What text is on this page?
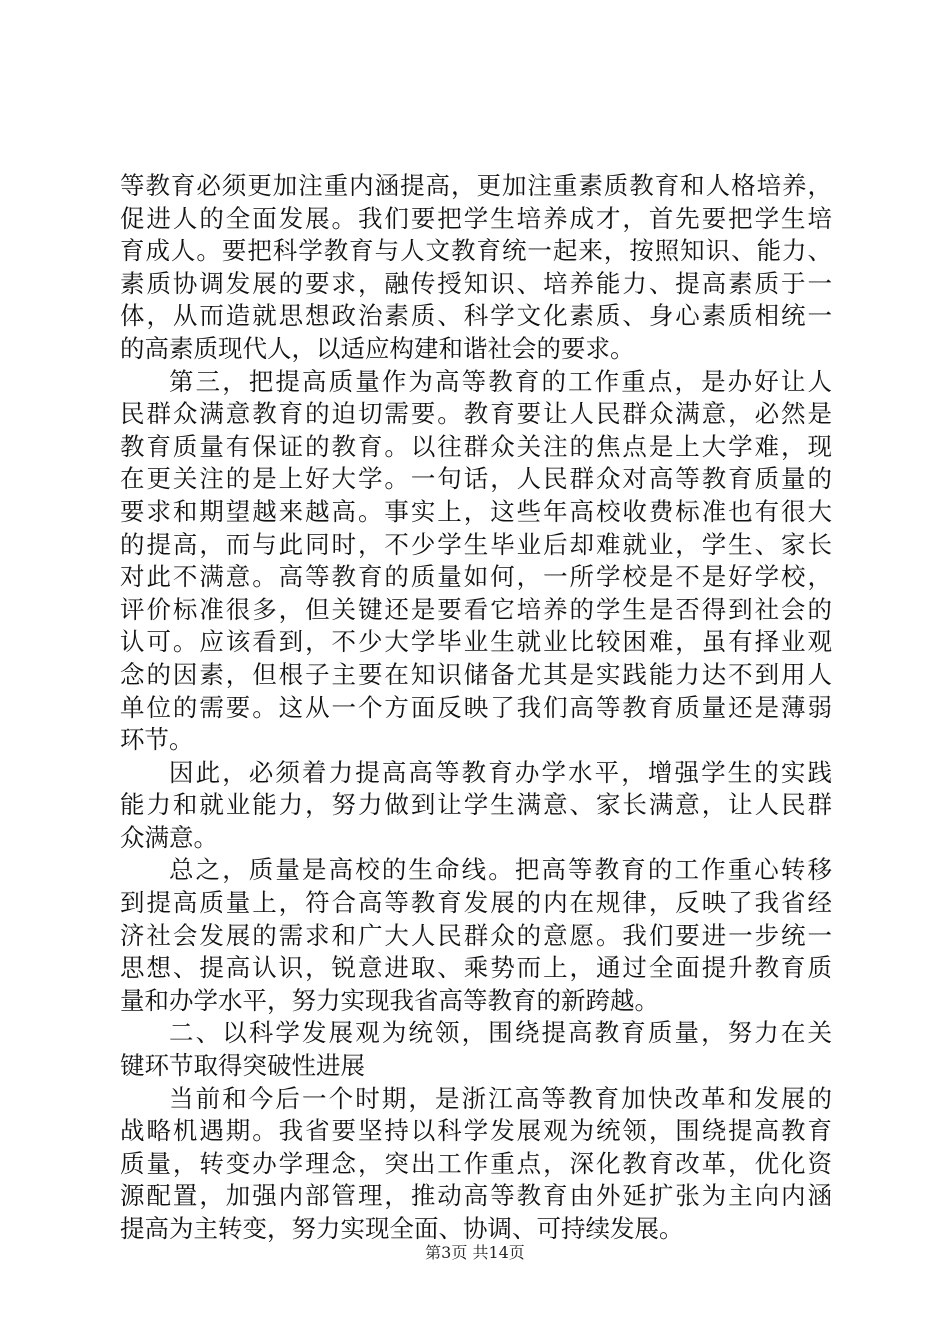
等教育必须更加注重内涵提高，更加注重素质教育和人格培养，
促进人的全面发展。我们要把学生培养成才，首先要把学生培
育成人。要把科学教育与人文教育统一起来，按照知识、能力、
素质协调发展的要求，融传授知识、培养能力、提高素质于一
体，从而造就思想政治素质、科学文化素质、身心素质相统一
的高素质现代人，以适应构建和谐社会的要求。
第三，把提高质量作为高等教育的工作重点，是办好让人
民群众满意教育的迫切需要。教育要让人民群众满意，必然是
教育质量有保证的教育。以往群众关注的焦点是上大学难，现
在更关注的是上好大学。一句话，人民群众对高等教育质量的
要求和期望越来越高。事实上，这些年高校收费标准也有很大
的提高，而与此同时，不少学生毕业后却难就业，学生、家长
对此不满意。高等教育的质量如何，一所学校是不是好学校，
评价标准很多，但关键还是要看它培养的学生是否得到社会的
认可。应该看到，不少大学毕业生就业比较困难，虽有择业观
念的因素，但根子主要在知识储备尤其是实践能力达不到用人
单位的需要。这从一个方面反映了我们高等教育质量还是薄弱
环节。
因此，必须着力提高高等教育办学水平，增强学生的实践
能力和就业能力，努力做到让学生满意、家长满意，让人民群
众满意。
总之，质量是高校的生命线。把高等教育的工作重心转移
到提高质量上，符合高等教育发展的内在规律，反映了我省经
济社会发展的需求和广大人民群众的意愿。我们要进一步统一
思想、提高认识，锐意进取、乘势而上，通过全面提升教育质
量和办学水平，努力实现我省高等教育的新跨越。
二、以科学发展观为统领，围绕提高教育质量，努力在关
键环节取得突破性进展
当前和今后一个时期，是浙江高等教育加快改革和发展的
战略机遇期。我省要坚持以科学发展观为统领，围绕提高教育
质量，转变办学理念，突出工作重点，深化教育改革，优化资
源配置，加强内部管理，推动高等教育由外延扩张为主向内涵
提高为主转变，努力实现全面、协调、可持续发展。
第3页 共14页
